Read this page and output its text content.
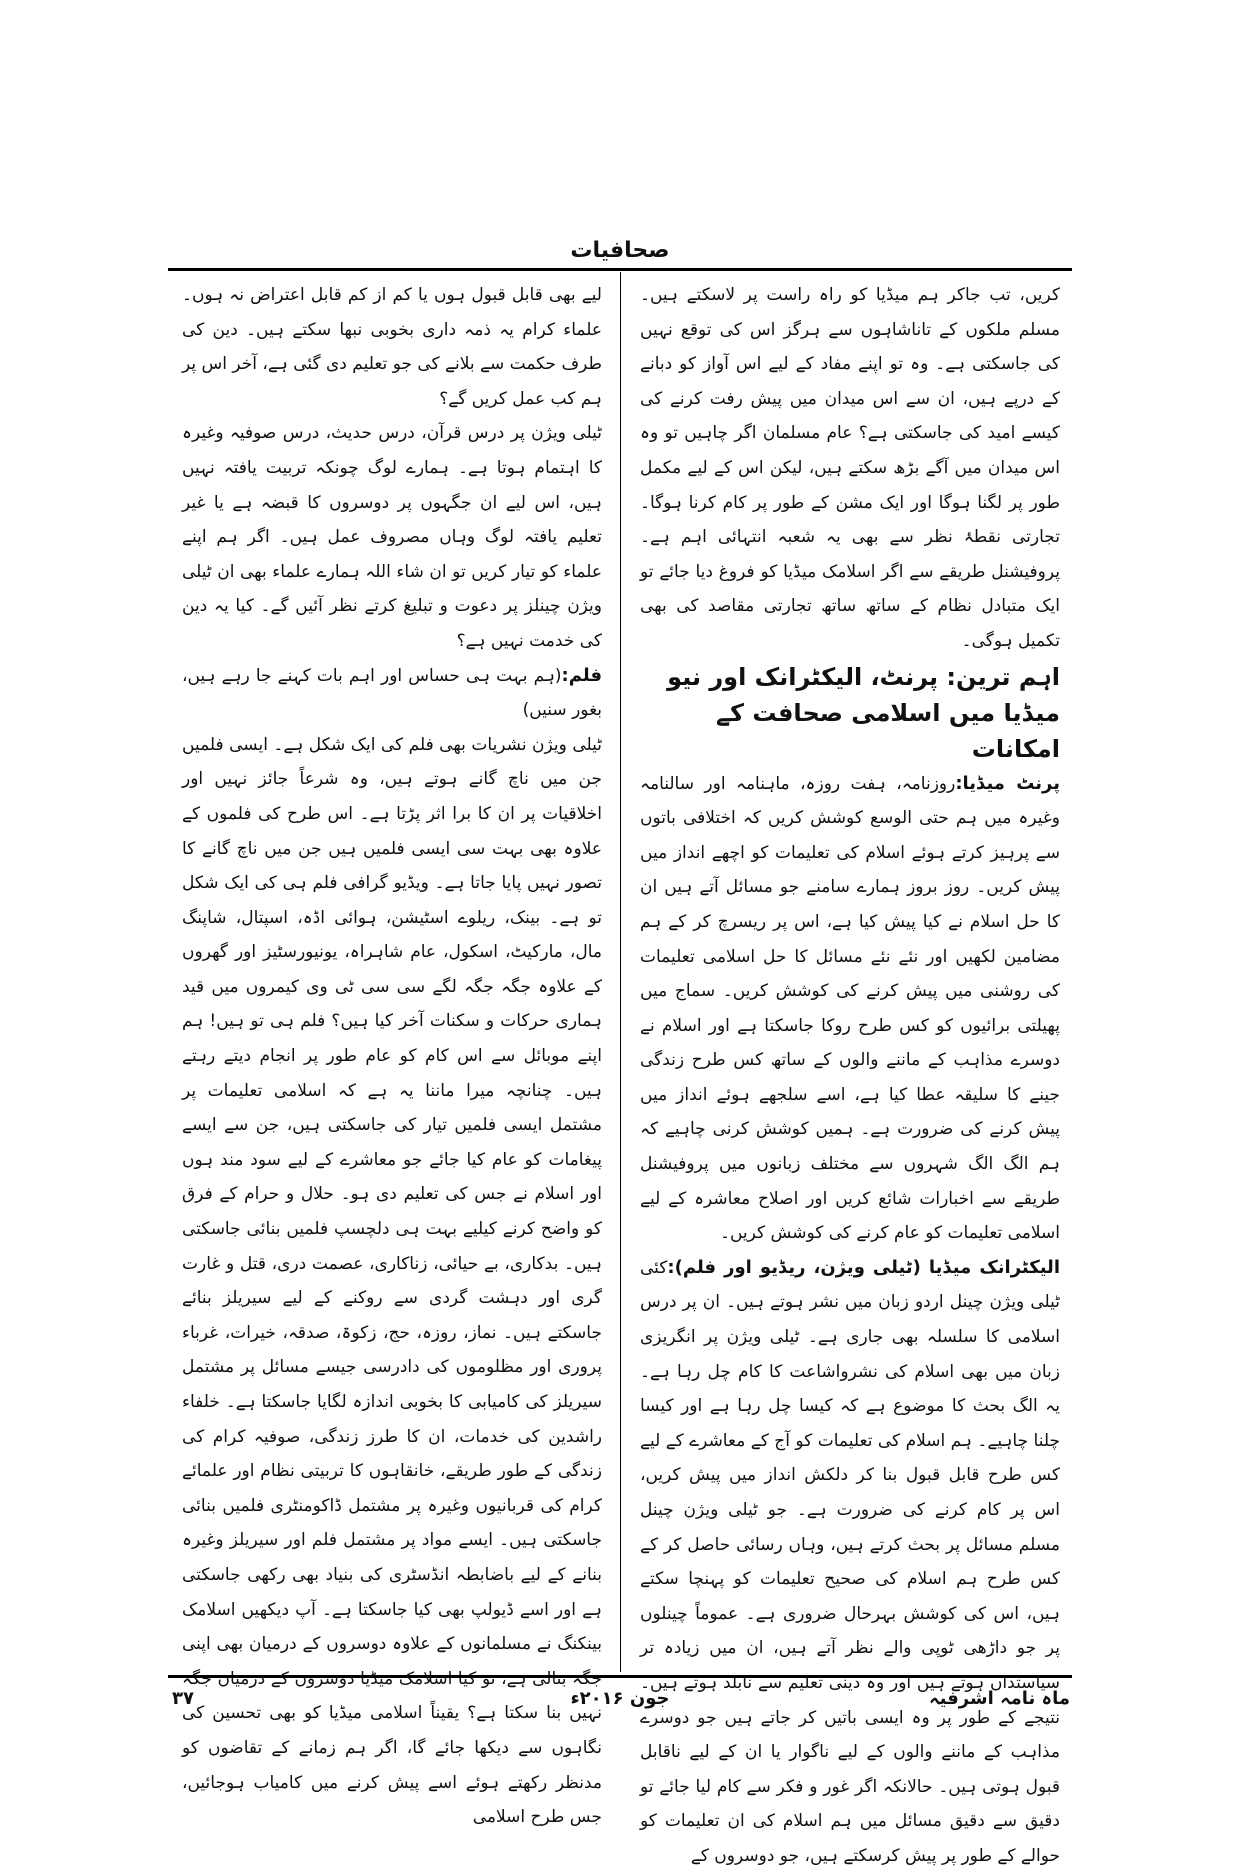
صحافیات

کریں، تب جاکر ہم میڈیا کو راہ راست پر لاسکتے ہیں۔ مسلم ملکوں کے تاناشاہوں سے ہرگز اس کی توقع نہیں کی جاسکتی ہے۔ وہ تو اپنے مفاد کے لیے اس آواز کو دبانے کے درپے ہیں، ان سے اس میدان میں پیش رفت کرنے کی کیسے امید کی جاسکتی ہے؟ عام مسلمان اگر چاہیں تو وہ اس میدان میں آگے بڑھ سکتے ہیں، لیکن اس کے لیے مکمل طور پر لگنا ہوگا اور ایک مشن کے طور پر کام کرنا ہوگا۔ تجارتی نقطۂ نظر سے بھی یہ شعبہ انتہائی اہم ہے۔ پروفیشنل طریقے سے اگر اسلامک میڈیا کو فروغ دیا جائے تو ایک متبادل نظام کے ساتھ ساتھ تجارتی مقاصد کی بھی تکمیل ہوگی۔

اہم ترین: پرنٹ، الیکٹرانک اور نیو میڈیا میں اسلامی صحافت کے امکانات

پرنٹ میڈیا:روزنامہ، ہفت روزہ، ماہنامہ اور سالنامہ وغیرہ میں ہم حتی الوسع کوشش کریں کہ اختلافی باتوں سے پرہیز کرتے ہوئے اسلام کی تعلیمات کو اچھے انداز میں پیش کریں۔ روز بروز ہمارے سامنے جو مسائل آتے ہیں ان کا حل اسلام نے کیا پیش کیا ہے، اس پر ریسرچ کر کے ہم مضامین لکھیں اور نئے نئے مسائل کا حل اسلامی تعلیمات کی روشنی میں پیش کرنے کی کوشش کریں۔ سماج میں پھیلتی برائیوں کو کس طرح روکا جاسکتا ہے اور اسلام نے دوسرے مذاہب کے ماننے والوں کے ساتھ کس طرح زندگی جینے کا سلیقہ عطا کیا ہے، اسے سلجھے ہوئے انداز میں پیش کرنے کی ضرورت ہے۔ ہمیں کوشش کرنی چاہیے کہ ہم الگ الگ شہروں سے مختلف زبانوں میں پروفیشنل طریقے سے اخبارات شائع کریں اور اصلاح معاشرہ کے لیے اسلامی تعلیمات کو عام کرنے کی کوشش کریں۔

الیکٹرانک میڈیا (ٹیلی ویژن، ریڈیو اور فلم):کئی ٹیلی ویژن چینل اردو زبان میں نشر ہوتے ہیں۔ ان پر درس اسلامی کا سلسلہ بھی جاری ہے۔ ٹیلی ویژن پر انگریزی زبان میں بھی اسلام کی نشرواشاعت کا کام چل رہا ہے۔ یہ الگ بحث کا موضوع ہے کہ کیسا چل رہا ہے اور کیسا چلنا چاہیے۔ ہم اسلام کی تعلیمات کو آج کے معاشرے کے لیے کس طرح قابل قبول بنا کر دلکش انداز میں پیش کریں، اس پر کام کرنے کی ضرورت ہے۔ جو ٹیلی ویژن چینل مسلم مسائل پر بحث کرتے ہیں، وہاں رسائی حاصل کر کے کس طرح ہم اسلام کی صحیح تعلیمات کو پہنچا سکتے ہیں، اس کی کوشش بہرحال ضروری ہے۔ عموماً چینلوں پر جو داڑھی ٹوپی والے نظر آتے ہیں، ان میں زیادہ تر سیاستداں ہوتے ہیں اور وہ دینی تعلیم سے نابلد ہوتے ہیں۔ نتیجے کے طور پر وہ ایسی باتیں کر جاتے ہیں جو دوسرے مذاہب کے ماننے والوں کے لیے ناگوار یا ان کے لیے ناقابل قبول ہوتی ہیں۔ حالانکہ اگر غور و فکر سے کام لیا جائے تو دقیق سے دقیق مسائل میں ہم اسلام کی ان تعلیمات کو حوالے کے طور پر پیش کرسکتے ہیں، جو دوسروں کے

لیے بھی قابل قبول ہوں یا کم از کم قابل اعتراض نہ ہوں۔ علماء کرام یہ ذمہ داری بخوبی نبھا سکتے ہیں۔ دین کی طرف حکمت سے بلانے کی جو تعلیم دی گئی ہے، آخر اس پر ہم کب عمل کریں گے؟

ٹیلی ویژن پر درس قرآن، درس حدیث، درس صوفیہ وغیرہ کا اہتمام ہوتا ہے۔ ہمارے لوگ چونکہ تربیت یافتہ نہیں ہیں، اس لیے ان جگہوں پر دوسروں کا قبضہ ہے یا غیر تعلیم یافتہ لوگ وہاں مصروف عمل ہیں۔ اگر ہم اپنے علماء کو تیار کریں تو ان شاء اللہ ہمارے علماء بھی ان ٹیلی ویژن چینلز پر دعوت و تبلیغ کرتے نظر آئیں گے۔ کیا یہ دین کی خدمت نہیں ہے؟

فلم:(ہم بہت ہی حساس اور اہم بات کہنے جا رہے ہیں، بغور سنیں)

ٹیلی ویژن نشریات بھی فلم کی ایک شکل ہے۔ ایسی فلمیں جن میں ناچ گانے ہوتے ہیں، وہ شرعاً جائز نہیں اور اخلاقیات پر ان کا برا اثر پڑتا ہے۔ اس طرح کی فلموں کے علاوہ بھی بہت سی ایسی فلمیں ہیں جن میں ناچ گانے کا تصور نہیں پایا جاتا ہے۔ ویڈیو گرافی فلم ہی کی ایک شکل تو ہے۔ بینک، ریلوے اسٹیشن، ہوائی اڈہ، اسپتال، شاپنگ مال، مارکیٹ، اسکول، عام شاہراہ، یونیورسٹیز اور گھروں کے علاوہ جگہ جگہ لگے سی سی ٹی وی کیمروں میں قید ہماری حرکات و سکنات آخر کیا ہیں؟ فلم ہی تو ہیں! ہم اپنے موبائل سے اس کام کو عام طور پر انجام دیتے رہتے ہیں۔ چنانچہ میرا ماننا یہ ہے کہ اسلامی تعلیمات پر مشتمل ایسی فلمیں تیار کی جاسکتی ہیں، جن سے ایسے پیغامات کو عام کیا جائے جو معاشرے کے لیے سود مند ہوں اور اسلام نے جس کی تعلیم دی ہو۔ حلال و حرام کے فرق کو واضح کرنے کیلیے بہت ہی دلچسپ فلمیں بنائی جاسکتی ہیں۔ بدکاری، بے حیائی، زناکاری، عصمت دری، قتل و غارت گری اور دہشت گردی سے روکنے کے لیے سیریلز بنائے جاسکتے ہیں۔ نماز، روزہ، حج، زکوۃ، صدقہ، خیرات، غرباء پروری اور مظلوموں کی دادرسی جیسے مسائل پر مشتمل سیریلز کی کامیابی کا بخوبی اندازہ لگایا جاسکتا ہے۔ خلفاء راشدین کی خدمات، ان کا طرز زندگی، صوفیہ کرام کی زندگی کے طور طریقے، خانقاہوں کا تربیتی نظام اور علمائے کرام کی قربانیوں وغیرہ پر مشتمل ڈاکومنٹری فلمیں بنائی جاسکتی ہیں۔ ایسے مواد پر مشتمل فلم اور سیریلز وغیرہ بنانے کے لیے باضابطہ انڈسٹری کی بنیاد بھی رکھی جاسکتی ہے اور اسے ڈیولپ بھی کیا جاسکتا ہے۔ آپ دیکھیں اسلامک بینکنگ نے مسلمانوں کے علاوہ دوسروں کے درمیان بھی اپنی جگہ بنالی ہے، تو کیا اسلامک میڈیا دوسروں کے درمیان جگہ نہیں بنا سکتا ہے؟ یقیناً اسلامی میڈیا کو بھی تحسین کی نگاہوں سے دیکھا جائے گا، اگر ہم زمانے کے تقاضوں کو مدنظر رکھتے ہوئے اسے پیش کرنے میں کامیاب ہوجائیں، جس طرح اسلامی

جون ۲۰۱۶ء	ماہ نامہ اشرفیہ
۳۷
